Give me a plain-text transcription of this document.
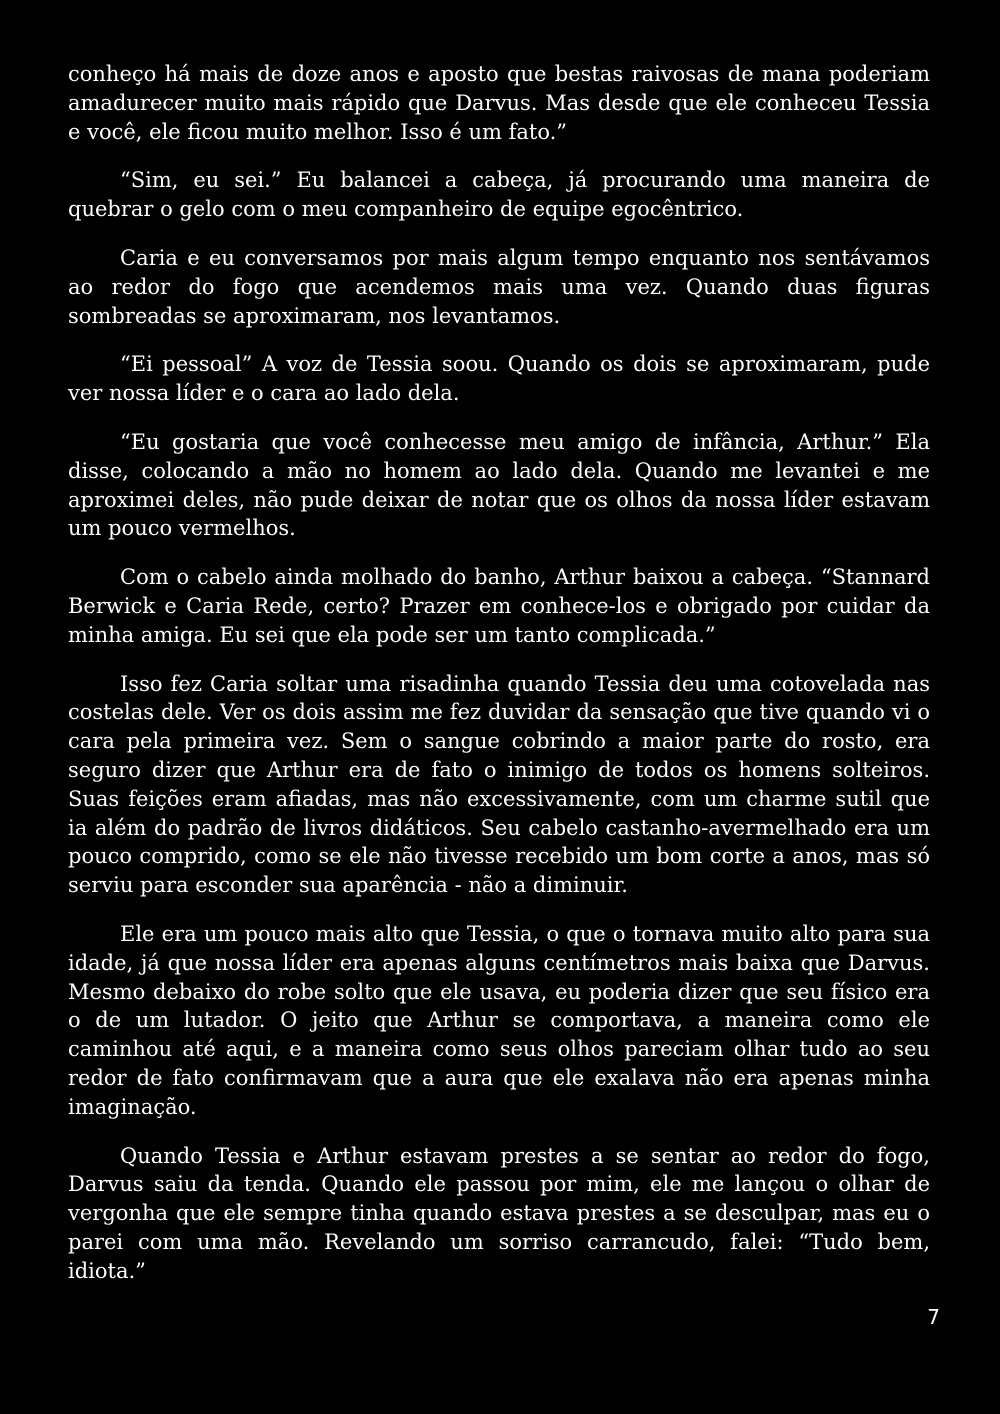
conheço há mais de doze anos e aposto que bestas raivosas de mana poderiam amadurecer muito mais rápido que Darvus. Mas desde que ele conheceu Tessia e você, ele ficou muito melhor. Isso é um fato.”

“Sim, eu sei.” Eu balancei a cabeça, já procurando uma maneira de quebrar o gelo com o meu companheiro de equipe egocêntrico.

Caria e eu conversamos por mais algum tempo enquanto nos sentávamos ao redor do fogo que acendemos mais uma vez. Quando duas figuras sombreadas se aproximaram, nos levantamos.

“Ei pessoal” A voz de Tessia soou. Quando os dois se aproximaram, pude ver nossa líder e o cara ao lado dela.

“Eu gostaria que você conhecesse meu amigo de infância, Arthur.” Ela disse, colocando a mão no homem ao lado dela. Quando me levantei e me aproximei deles, não pude deixar de notar que os olhos da nossa líder estavam um pouco vermelhos.

Com o cabelo ainda molhado do banho, Arthur baixou a cabeça. “Stannard Berwick e Caria Rede, certo? Prazer em conhece-los e obrigado por cuidar da minha amiga. Eu sei que ela pode ser um tanto complicada.”

Isso fez Caria soltar uma risadinha quando Tessia deu uma cotovelada nas costelas dele. Ver os dois assim me fez duvidar da sensação que tive quando vi o cara pela primeira vez. Sem o sangue cobrindo a maior parte do rosto, era seguro dizer que Arthur era de fato o inimigo de todos os homens solteiros. Suas feições eram afiadas, mas não excessivamente, com um charme sutil que ia além do padrão de livros didáticos. Seu cabelo castanho-avermelhado era um pouco comprido, como se ele não tivesse recebido um bom corte a anos, mas só serviu para esconder sua aparência - não a diminuir.

Ele era um pouco mais alto que Tessia, o que o tornava muito alto para sua idade, já que nossa líder era apenas alguns centímetros mais baixa que Darvus. Mesmo debaixo do robe solto que ele usava, eu poderia dizer que seu físico era o de um lutador. O jeito que Arthur se comportava, a maneira como ele caminhou até aqui, e a maneira como seus olhos pareciam olhar tudo ao seu redor de fato confirmavam que a aura que ele exalava não era apenas minha imaginação.

Quando Tessia e Arthur estavam prestes a se sentar ao redor do fogo, Darvus saiu da tenda. Quando ele passou por mim, ele me lançou o olhar de vergonha que ele sempre tinha quando estava prestes a se desculpar, mas eu o parei com uma mão. Revelando um sorriso carrancudo, falei: “Tudo bem, idiota.”

7
